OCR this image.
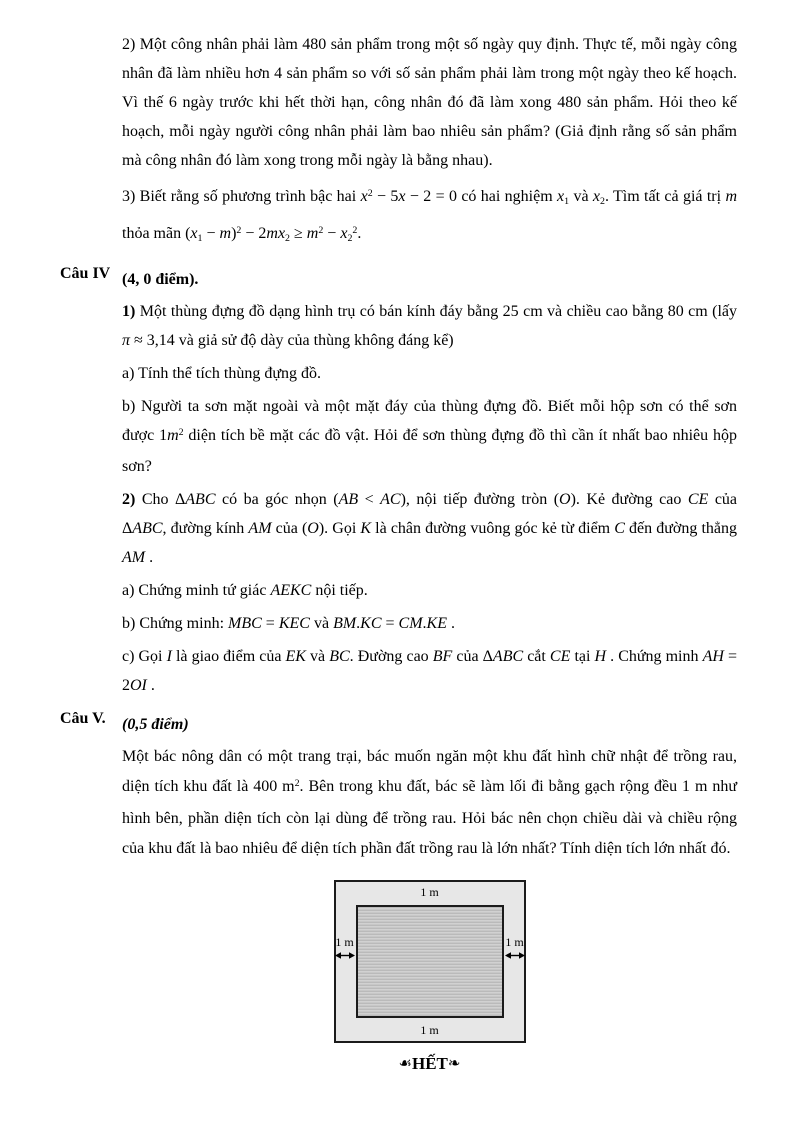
2) Một công nhân phải làm 480 sản phẩm trong một số ngày quy định. Thực tế, mỗi ngày công nhân đã làm nhiều hơn 4 sản phẩm so với số sản phẩm phải làm trong một ngày theo kế hoạch. Vì thế 6 ngày trước khi hết thời hạn, công nhân đó đã làm xong 480 sản phẩm. Hỏi theo kế hoạch, mỗi ngày người công nhân phải làm bao nhiêu sản phẩm? (Giả định rằng số sản phẩm mà công nhân đó làm xong trong mỗi ngày là bằng nhau).

3) Biết rằng số phương trình bậc hai $x^2 - 5x - 2 = 0$ có hai nghiệm x1 và x2. Tìm tất cả giá trị m thỏa mãn $(x1 - m)^2 - 2mx2 \ge m^2 - x2^2$.

Câu IV (4, 0 điểm).

1) Một thùng đựng đồ dạng hình trụ có bán kính đáy bằng 25 cm và chiều cao bằng 80 cm (lấy π ≈ 3,14 và giả sử độ dày của thùng không đáng kể)

a) Tính thể tích thùng đựng đồ.

b) Người ta sơn mặt ngoài và một mặt đáy của thùng đựng đồ. Biết mỗi hộp sơn có thể sơn được $1m^2$ diện tích bề mặt các đồ vật. Hỏi để sơn thùng đựng đồ thì cần ít nhất bao nhiêu hộp sơn?

2) Cho ΔABC có ba góc nhọn (AB < AC), nội tiếp đường tròn (O). Kẻ đường cao CE của ΔABC, đường kính AM của (O). Gọi K là chân đường vuông góc kẻ từ điểm C đến đường thẳng AM .

a) Chứng minh tứ giác AEKC nội tiếp.

b) Chứng minh: MBC = KEC và BM.KC = CM.KE .

c) Gọi I là giao điểm của EK và BC. Đường cao BF của ΔABC cắt CE tại H . Chứng minh AH = 2OI .

Câu V.	(0,5 điểm)

Một bác nông dân có một trang trại, bác muốn ngăn một khu đất hình chữ nhật để trồng rau, diện tích khu đất là 400 $m^2$. Bên trong khu đất, bác sẽ làm lối đi bằng gạch rộng đều 1 m như hình bên, phần diện tích còn lại dùng để trồng rau. Hỏi bác nên chọn chiều dài và chiều rộng của khu đất là bao nhiêu để diện tích phần đất trồng rau là lớn nhất? Tính diện tích lớn nhất đó.

1 m
1 m
1 m	1 m
☙HẾT❧
